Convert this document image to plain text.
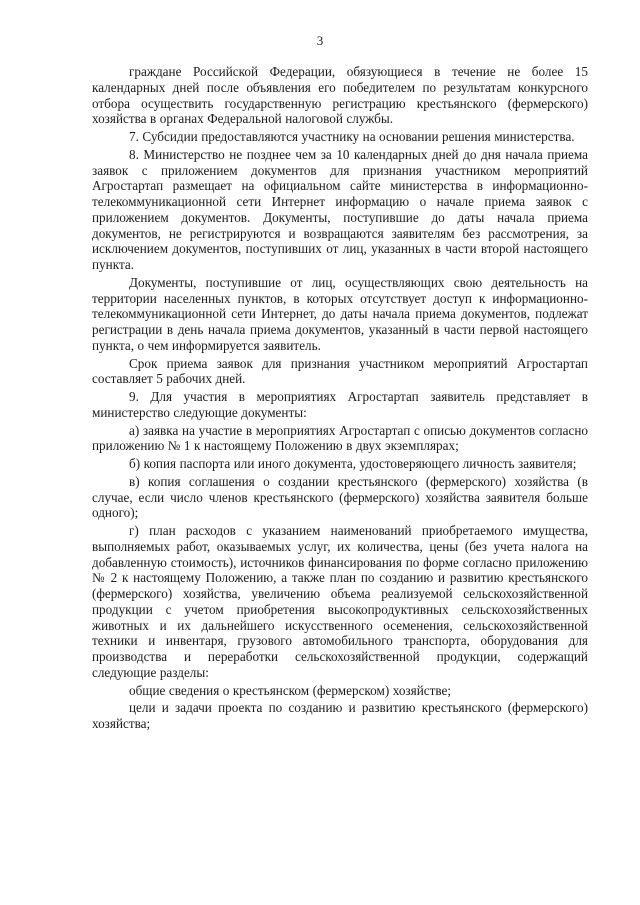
3

граждане Российской Федерации, обязующиеся в течение не более 15 календарных дней после объявления его победителем по результатам конкурсного отбора осуществить государственную регистрацию крестьянского (фермерского) хозяйства в органах Федеральной налоговой службы.

7. Субсидии предоставляются участнику на основании решения министерства.

8. Министерство не позднее чем за 10 календарных дней до дня начала приема заявок с приложением документов для признания участником мероприятий Агростартап размещает на официальном сайте министерства в информационно-телекоммуникационной сети Интернет информацию о начале приема заявок с приложением документов. Документы, поступившие до даты начала приема документов, не регистрируются и возвращаются заявителям без рассмотрения, за исключением документов, поступивших от лиц, указанных в части второй настоящего пункта.

Документы, поступившие от лиц, осуществляющих свою деятельность на территории населенных пунктов, в которых отсутствует доступ к информационно-телекоммуникационной сети Интернет, до даты начала приема документов, подлежат регистрации в день начала приема документов, указанный в части первой настоящего пункта, о чем информируется заявитель.

Срок приема заявок для признания участником мероприятий Агростартап составляет 5 рабочих дней.

9. Для участия в мероприятиях Агростартап заявитель представляет в министерство следующие документы:

а) заявка на участие в мероприятиях Агростартап с описью документов согласно приложению № 1 к настоящему Положению в двух экземплярах;

б) копия паспорта или иного документа, удостоверяющего личность заявителя;

в) копия соглашения о создании крестьянского (фермерского) хозяйства (в случае, если число членов крестьянского (фермерского) хозяйства заявителя больше одного);

г) план расходов с указанием наименований приобретаемого имущества, выполняемых работ, оказываемых услуг, их количества, цены (без учета налога на добавленную стоимость), источников финансирования по форме согласно приложению № 2 к настоящему Положению, а также план по созданию и развитию крестьянского (фермерского) хозяйства, увеличению объема реализуемой сельскохозяйственной продукции с учетом приобретения высокопродуктивных сельскохозяйственных животных и их дальнейшего искусственного осеменения, сельскохозяйственной техники и инвентаря, грузового автомобильного транспорта, оборудования для производства и переработки сельскохозяйственной продукции, содержащий следующие разделы:

общие сведения о крестьянском (фермерском) хозяйстве;

цели и задачи проекта по созданию и развитию крестьянского (фермерского) хозяйства;
